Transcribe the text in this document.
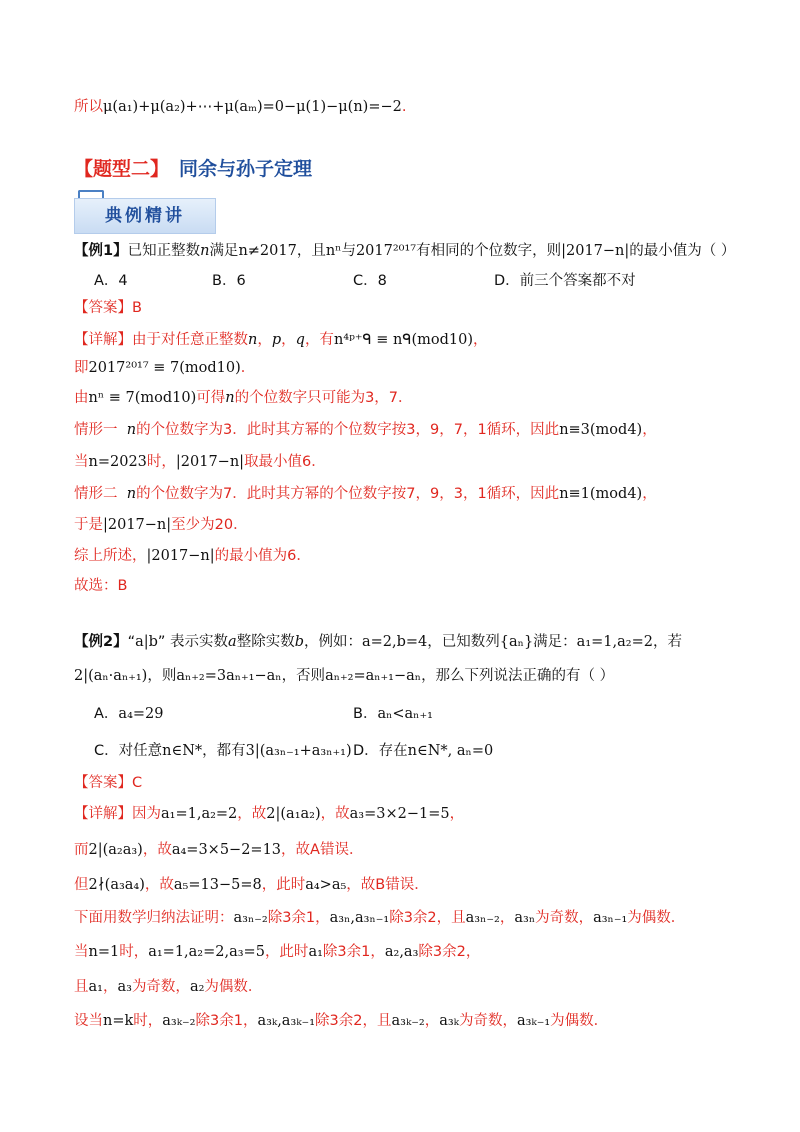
所以μ(a₁)+μ(a₂)+⋯+μ(aₘ)=0−μ(1)−μ(n)=−2.
【题型二】 同余与孙子定理
典例精讲
【例1】已知正整数n满足n≠2017，且nⁿ与2017²⁰¹⁷有相同的个位数字，则|2017−n|的最小值为（ ）
A．4	B．6	C．8	D．前三个答案都不对
【答案】B
【详解】由于对任意正整数n，p，q，有n⁴ᵖ⁺ᑫ ≡ nᑫ(mod10)，
即2017²⁰¹⁷ ≡ 7(mod10)．
由nⁿ ≡ 7(mod10)可得n的个位数字只可能为3，7．
情形一 n的个位数字为3．此时其方幂的个位数字按3，9，7，1循环，因此n≡3(mod4)，
当n=2023时，|2017−n|取最小值6．
情形二 n的个位数字为7．此时其方幂的个位数字按7，9，3，1循环，因此n≡1(mod4)，
于是|2017−n|至少为20．
综上所述，|2017−n|的最小值为6．
故选：B
【例2】“a|b” 表示实数a整除实数b，例如：a=2,b=4，已知数列{aₙ}满足：a₁=1,a₂=2，若
2|(aₙ·aₙ₊₁)，则aₙ₊₂=3aₙ₊₁−aₙ，否则aₙ₊₂=aₙ₊₁−aₙ，那么下列说法正确的有（ ）
A．a₄=29	B．aₙ<aₙ₊₁
C．对任意n∈N*，都有3|(a₃ₙ₋₁+a₃ₙ₊₁) D．存在n∈N*, aₙ=0
【答案】C
【详解】因为a₁=1,a₂=2，故2|(a₁a₂)，故a₃=3×2−1=5，
而2|(a₂a₃)，故a₄=3×5−2=13，故A错误．
但2∤(a₃a₄)，故a₅=13−5=8，此时a₄>a₅，故B错误．
下面用数学归纳法证明：a₃ₙ₋₂除3余1，a₃ₙ,a₃ₙ₋₁除3余2，且a₃ₙ₋₂，a₃ₙ为奇数，a₃ₙ₋₁为偶数．
当n=1时，a₁=1,a₂=2,a₃=5，此时a₁除3余1，a₂,a₃除3余2，
且a₁，a₃为奇数，a₂为偶数．
设当n=k时，a₃ₖ₋₂除3余1，a₃ₖ,a₃ₖ₋₁除3余2，且a₃ₖ₋₂，a₃ₖ为奇数，a₃ₖ₋₁为偶数．
